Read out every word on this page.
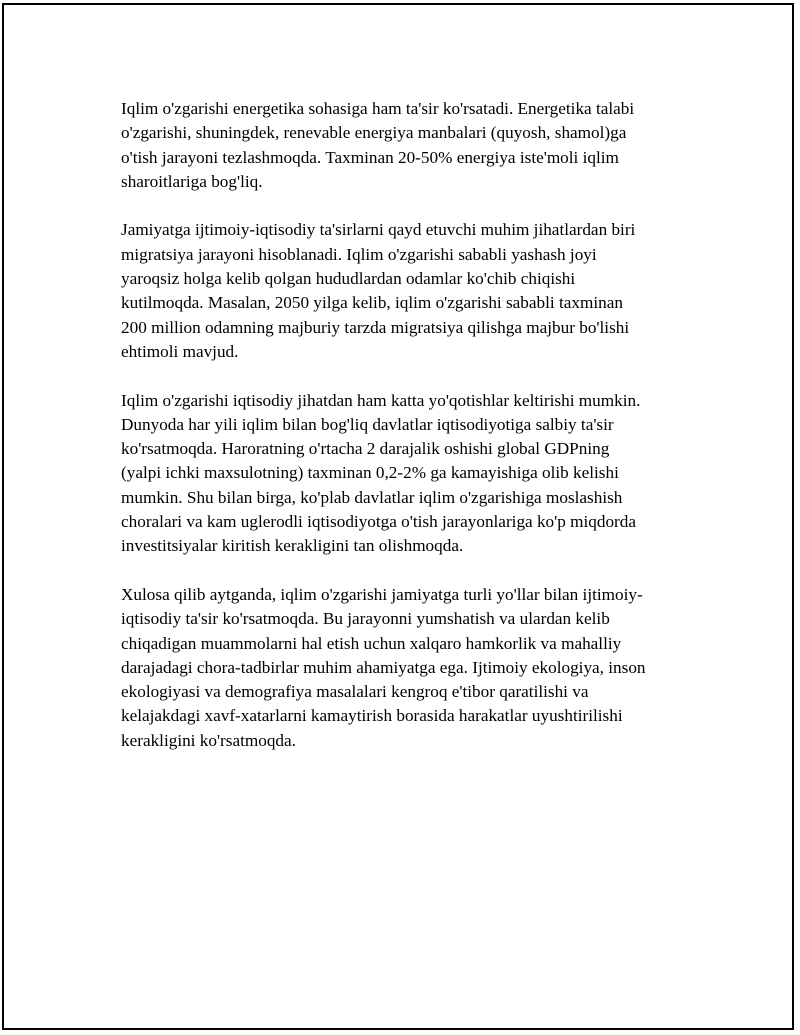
Iqlim o'zgarishi energetika sohasiga ham ta'sir ko'rsatadi. Energetika talabi
o'zgarishi, shuningdek, renevable energiya manbalari (quyosh, shamol)ga
o'tish jarayoni tezlashmoqda. Taxminan 20-50% energiya iste'moli iqlim
sharoitlariga bog'liq.

Jamiyatga ijtimoiy-iqtisodiy ta'sirlarni qayd etuvchi muhim jihatlardan biri
migratsiya jarayoni hisoblanadi. Iqlim o'zgarishi sababli yashash joyi
yaroqsiz holga kelib qolgan hududlardan odamlar ko'chib chiqishi
kutilmoqda. Masalan, 2050 yilga kelib, iqlim o'zgarishi sababli taxminan
200 million odamning majburiy tarzda migratsiya qilishga majbur bo'lishi
ehtimoli mavjud.

Iqlim o'zgarishi iqtisodiy jihatdan ham katta yo'qotishlar keltirishi mumkin.
Dunyoda har yili iqlim bilan bog'liq davlatlar iqtisodiyotiga salbiy ta'sir
ko'rsatmoqda. Haroratning o'rtacha 2 darajalik oshishi global GDPning
(yalpi ichki maxsulotning) taxminan 0,2-2% ga kamayishiga olib kelishi
mumkin. Shu bilan birga, ko'plab davlatlar iqlim o'zgarishiga moslashish
choralari va kam uglerodli iqtisodiyotga o'tish jarayonlariga ko'p miqdorda
investitsiyalar kiritish kerakligini tan olishmoqda.

Xulosa qilib aytganda, iqlim o'zgarishi jamiyatga turli yo'llar bilan ijtimoiy-
iqtisodiy ta'sir ko'rsatmoqda. Bu jarayonni yumshatish va ulardan kelib
chiqadigan muammolarni hal etish uchun xalqaro hamkorlik va mahalliy
darajadagi chora-tadbirlar muhim ahamiyatga ega. Ijtimoiy ekologiya, inson
ekologiyasi va demografiya masalalari kengroq e'tibor qaratilishi va
kelajakdagi xavf-xatarlarni kamaytirish borasida harakatlar uyushtirilishi
kerakligini ko'rsatmoqda.
